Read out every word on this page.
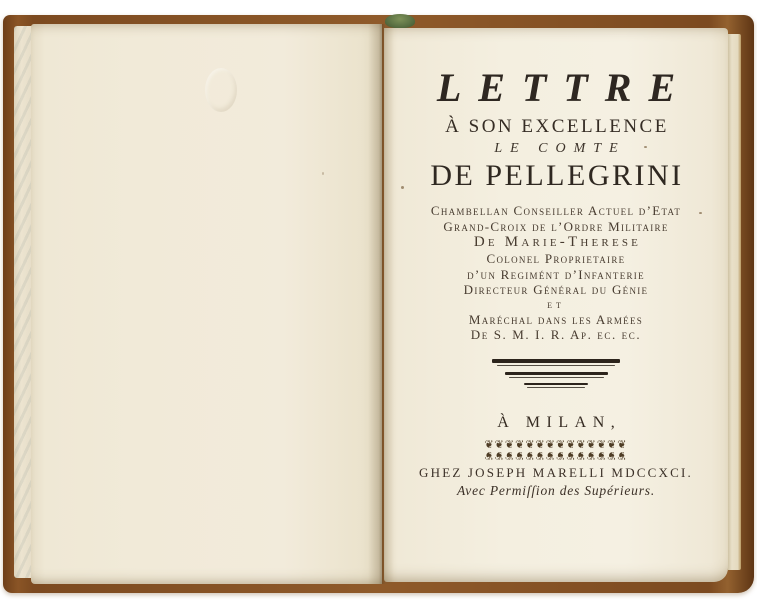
LETTRE
À SON EXCELLENCE
LE COMTE
DE PELLEGRINI
Chambellan Conseiller Actuel d’Etat
Grand-Croix de l’Ordre Militaire
De Marie-Therese
Colonel Proprietaire
d’un Regimént d’Infanterie
Directeur Général du Génie
et
Maréchal dans les Armées
De S. M. I. R. Ap. ec. ec.
À MILAN,
❦❦❦❦❦❦❦❦❦❦❦❦❦❦
❦❦❦❦❦❦❦❦❦❦❦❦❦❦
GHEZ JOSEPH MARELLI MDCCXCI.
Avec Permiſſion des Supérieurs.
